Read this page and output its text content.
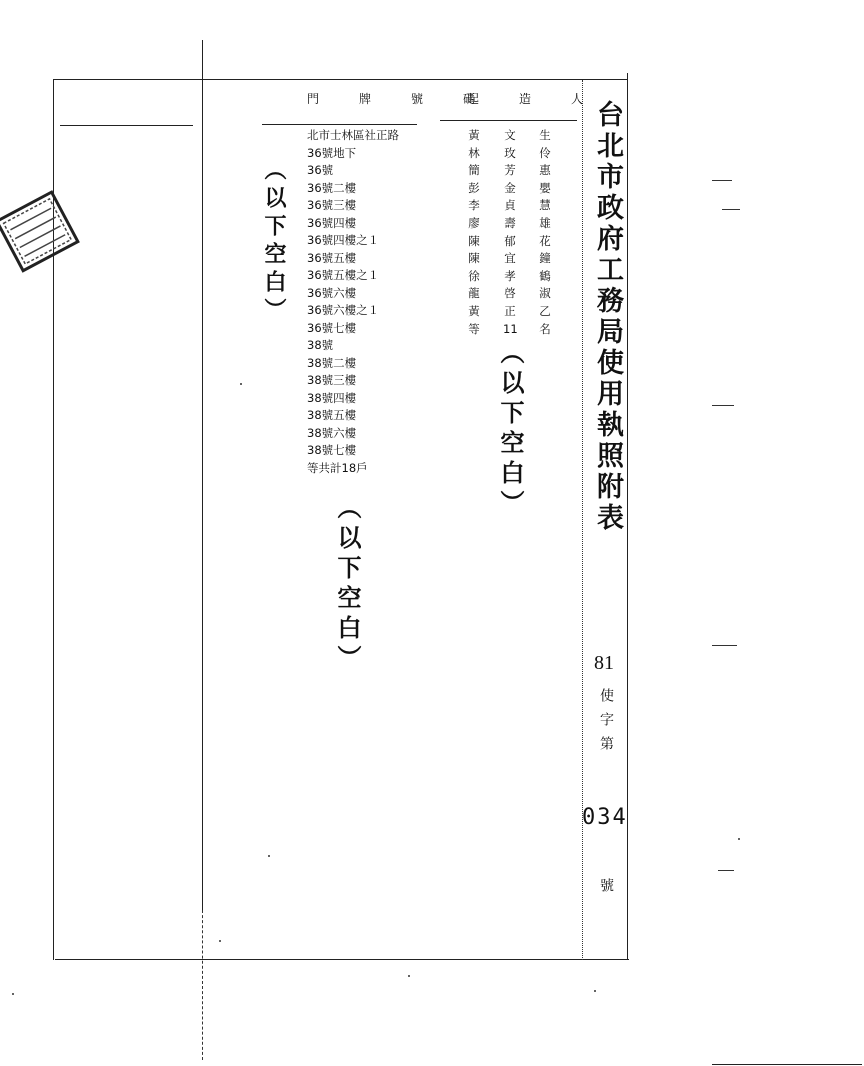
台北市政府工務局使用執照附表
門　牌　號　碼
起　造　人
北市士林區社正路
36號地下
36號
36號二樓
36號三樓
36號四樓
36號四樓之１
36號五樓
36號五樓之１
36號六樓
36號六樓之１
36號七樓
38號
38號二樓
38號三樓
38號四樓
38號五樓
38號六樓
38號七樓
等共計18戶
生
伶
惠
嬰
慧
雄
花
鐘
鶴
淑
乙
名
文
玫
芳
金
貞
壽
郁
宜
孝
啓
正
11
黃
林
簡
彭
李
廖
陳
陳
徐
龍
黃
等
（以下空白）
（以下空白）
（以下空白）	81
使字第
034
號
